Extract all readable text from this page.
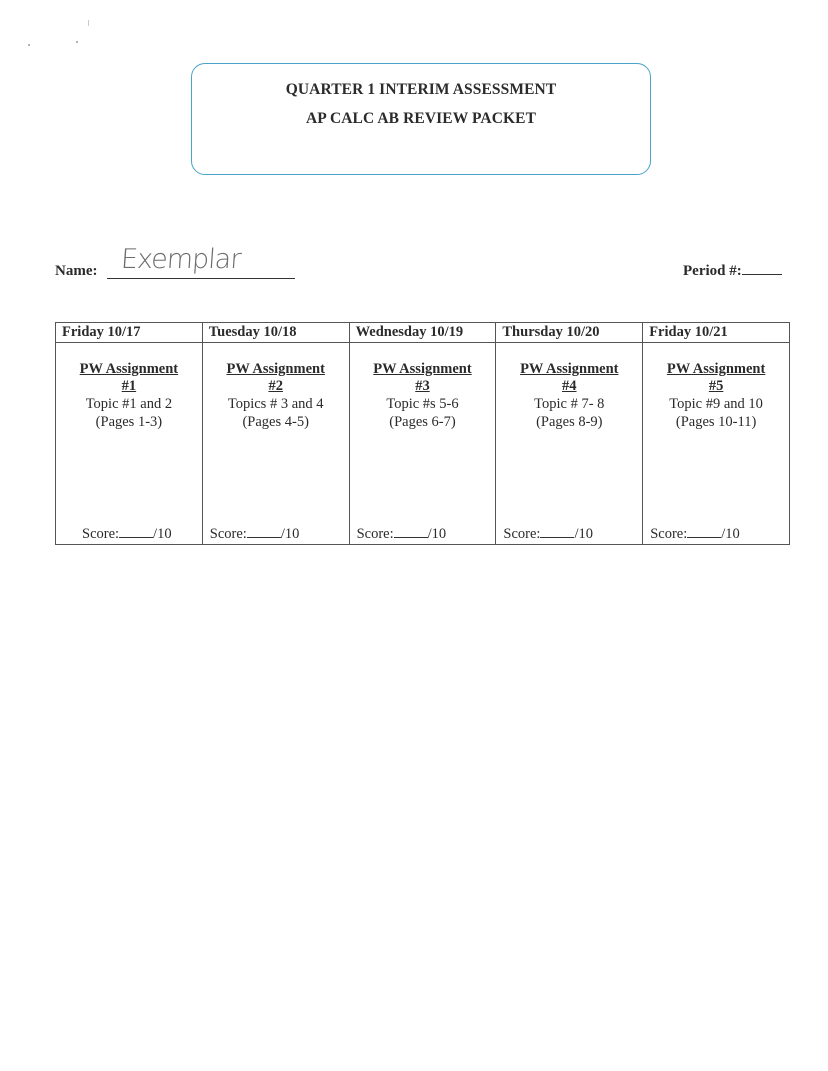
QUARTER 1 INTERIM ASSESSMENT
AP CALC AB REVIEW PACKET
Name: Exemplar	Period #:
Friday 10/17	Tuesday 10/18	Wednesday 10/19	Thursday 10/20	Friday 10/21

PW Assignment
#1
Topic #1 and 2
(Pages 1-3)
Score: /10

PW Assignment
#2
Topics # 3 and 4
(Pages 4-5)
Score: /10

PW Assignment
#3
Topic #s 5-6
(Pages 6-7)
Score: /10

PW Assignment
#4
Topic # 7- 8
(Pages 8-9)
Score: /10

PW Assignment
#5
Topic #9 and 10
(Pages 10-11)
Score: /10
